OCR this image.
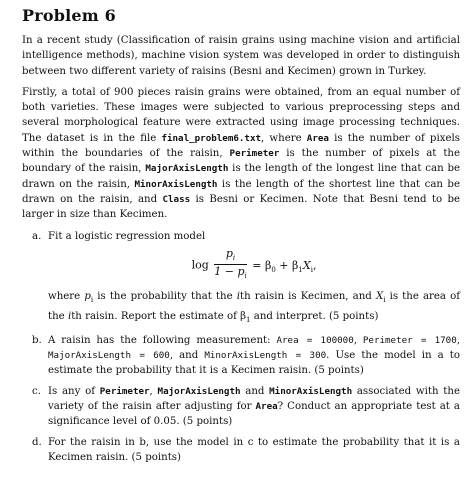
Problem 6

In a recent study (Classification of raisin grains using machine vision and artificial intelligence methods), machine vision system was developed in order to distinguish between two different variety of raisins (Besni and Kecimen) grown in Turkey.

Firstly, a total of 900 pieces raisin grains were obtained, from an equal number of both varieties. These images were subjected to various preprocessing steps and several morphological feature were extracted using image processing techniques. The dataset is in the file final_problem6.txt, where Area is the number of pixels within the boundaries of the raisin, Perimeter is the number of pixels at the boundary of the raisin, MajorAxisLength is the length of the longest line that can be drawn on the raisin, MinorAxisLength is the length of the shortest line that can be drawn on the raisin, and Class is Besni or Kecimen. Note that Besni tend to be larger in size than Kecimen.

a. Fit a logistic regression model

$\log \frac{p_i}{1 - p_i} = \beta_0 + \beta_1X_i$,

where $p_i$ is the probability that the ith raisin is Kecimen, and $X_i$ is the area of the ith raisin. Report the estimate of $\beta_1$ and interpret. (5 points)

b. A raisin has the following measurement: Area = 100000, Perimeter = 1700, MajorAxisLength = 600, and MinorAxisLength = 300. Use the model in a to estimate the probability that it is a Kecimen raisin. (5 points)

c. Is any of Perimeter, MajorAxisLength and MinorAxisLength associated with the variety of the raisin after adjusting for Area? Conduct an appropriate test at a significance level of 0.05. (5 points)

d. For the raisin in b, use the model in c to estimate the probability that it is a Kecimen raisin. (5 points)
